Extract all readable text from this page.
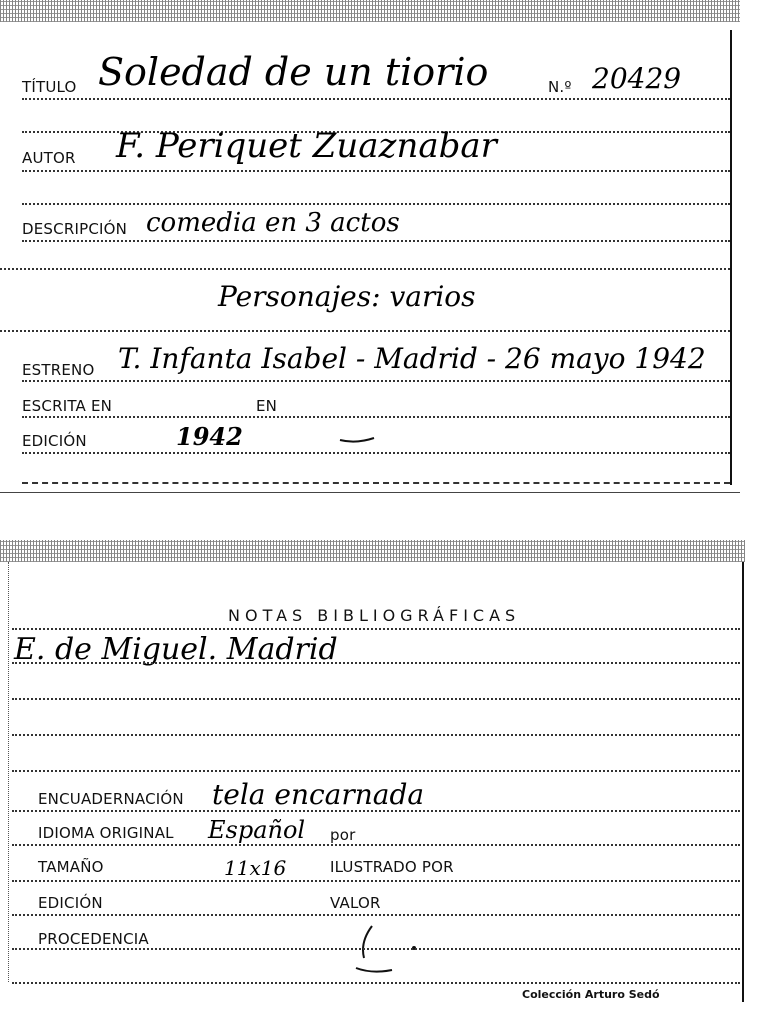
TÍTULO Soledad de un tiorio	N.º 20429
AUTOR F. Periquet Zuaznabar
DESCRIPCIÓN comedia en 3 actos
Personajes: varios
ESTRENO T. Infanta Isabel - Madrid - 26 mayo 1942
ESCRITA EN	EN
EDICIÓN	1942
NOTAS BIBLIOGRÁFICAS
E. de Miguel. Madrid
ENCUADERNACIÓN tela encarnada
IDIOMA ORIGINAL Español por
TAMAÑO	11x16	ILUSTRADO POR
EDICIÓN	VALOR
PROCEDENCIA
Colección Arturo Sedó
